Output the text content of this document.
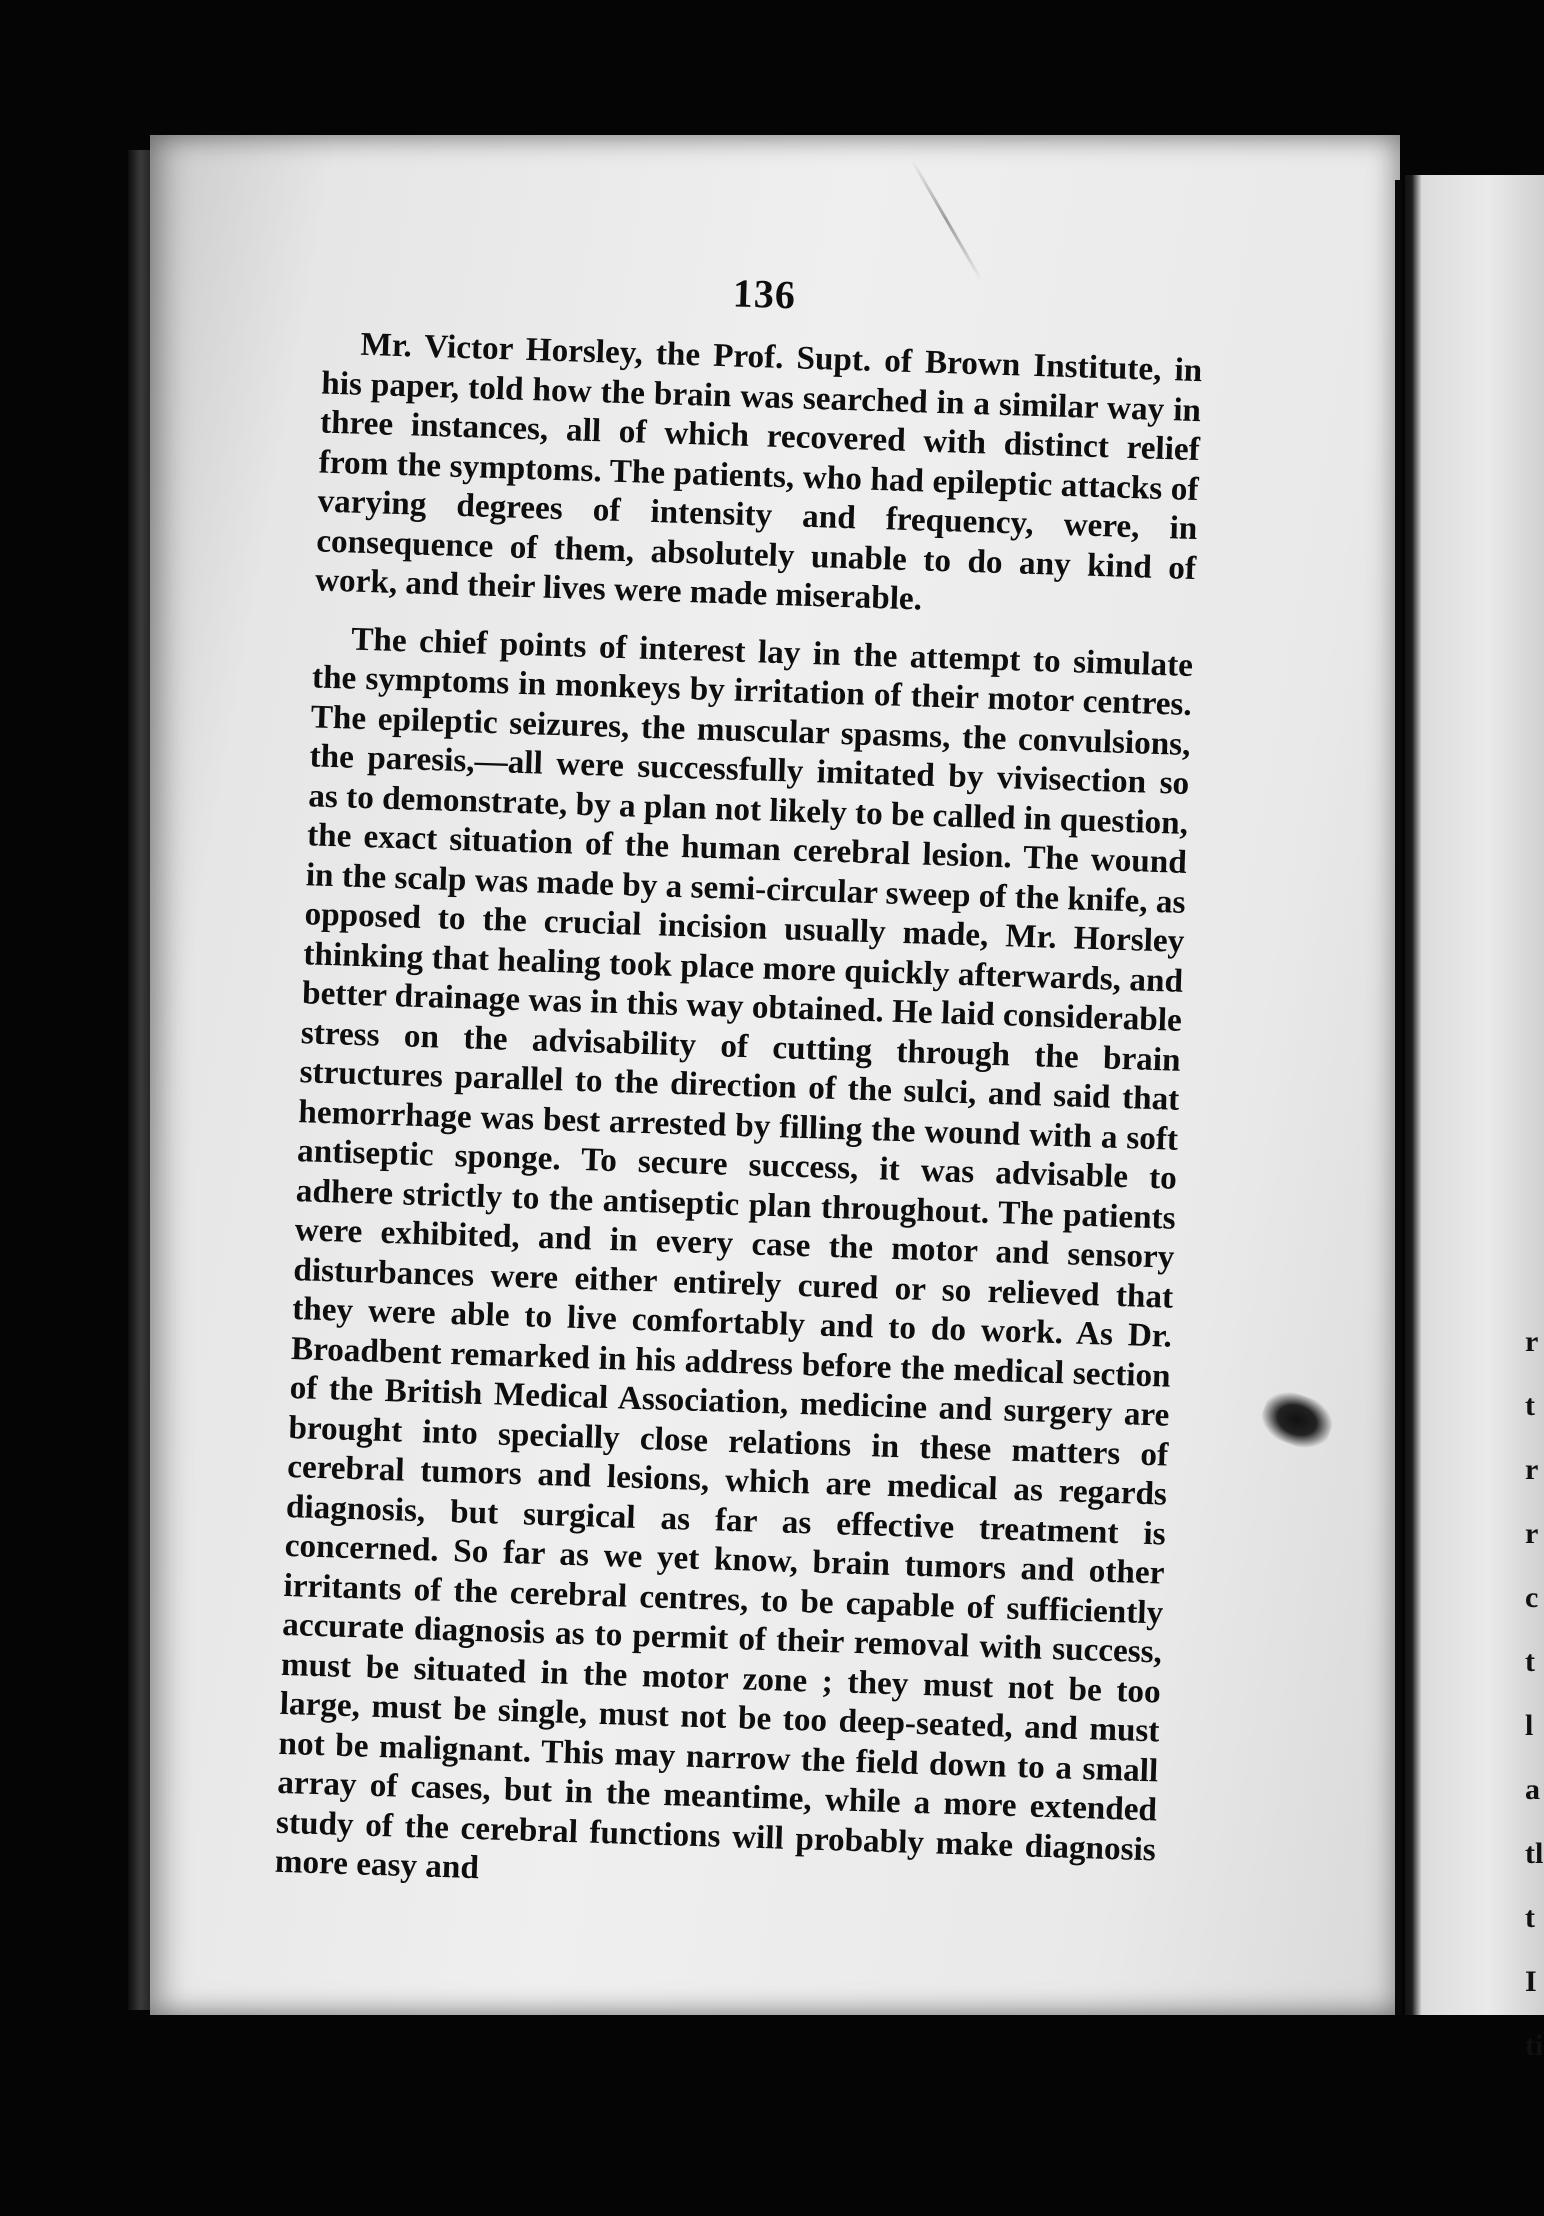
136

Mr. Victor Horsley, the Prof. Supt. of Brown Institute, in his paper, told how the brain was searched in a similar way in three instances, all of which recovered with distinct relief from the symptoms. The patients, who had epileptic attacks of varying degrees of intensity and frequency, were, in consequence of them, absolutely unable to do any kind of work, and their lives were made miserable.

The chief points of interest lay in the attempt to simulate the symptoms in monkeys by irritation of their motor centres. The epileptic seizures, the muscular spasms, the convulsions, the paresis,—all were successfully imitated by vivisection so as to demonstrate, by a plan not likely to be called in question, the exact situation of the human cerebral lesion. The wound in the scalp was made by a semi-circular sweep of the knife, as opposed to the crucial incision usually made, Mr. Horsley thinking that healing took place more quickly afterwards, and better drainage was in this way obtained. He laid considerable stress on the advisability of cutting through the brain structures parallel to the direction of the sulci, and said that hemorrhage was best arrested by filling the wound with a soft antiseptic sponge. To secure success, it was advisable to adhere strictly to the antiseptic plan throughout. The patients were exhibited, and in every case the motor and sensory disturbances were either entirely cured or so relieved that they were able to live comfortably and to do work. As Dr. Broadbent remarked in his address before the medical section of the British Medical Association, medicine and surgery are brought into specially close relations in these matters of cerebral tumors and lesions, which are medical as regards diagnosis, but surgical as far as effective treatment is concerned. So far as we yet know, brain tumors and other irritants of the cerebral centres, to be capable of sufficiently accurate diagnosis as to permit of their removal with success, must be situated in the motor zone ; they must not be too large, must be single, must not be too deep-seated, and must not be malignant. This may narrow the field down to a small array of cases, but in the meantime, while a more extended study of the cerebral functions will probably make diagnosis more easy and

r
t
r
r
c
t
l
a
tl
t
I
ti
